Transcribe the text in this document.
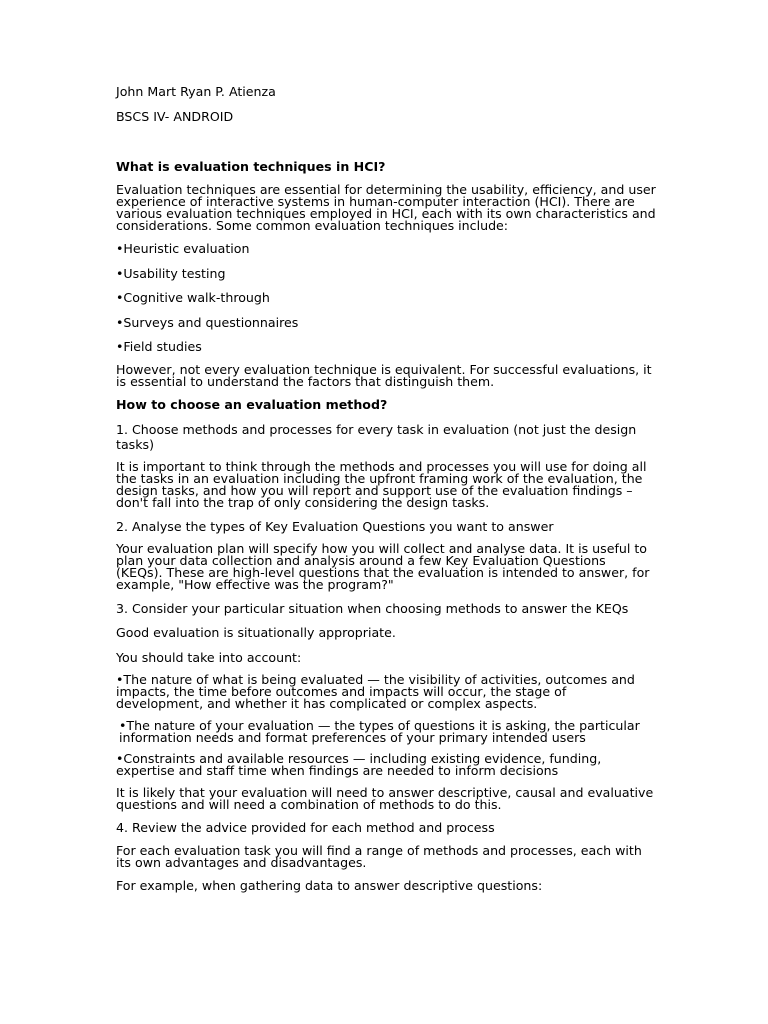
John Mart Ryan P. Atienza

BSCS IV- ANDROID

What is evaluation techniques in HCI?

Evaluation techniques are essential for determining the usability, efficiency, and user experience of interactive systems in human-computer interaction (HCI). There are various evaluation techniques employed in HCI, each with its own characteristics and considerations. Some common evaluation techniques include:

•Heuristic evaluation

•Usability testing

•Cognitive walk-through

•Surveys and questionnaires

•Field studies

However, not every evaluation technique is equivalent. For successful evaluations, it is essential to understand the factors that distinguish them.

How to choose an evaluation method?

1. Choose methods and processes for every task in evaluation (not just the design tasks)

It is important to think through the methods and processes you will use for doing all the tasks in an evaluation including the upfront framing work of the evaluation, the design tasks, and how you will report and support use of the evaluation findings – don't fall into the trap of only considering the design tasks.

2. Analyse the types of Key Evaluation Questions you want to answer

Your evaluation plan will specify how you will collect and analyse data. It is useful to plan your data collection and analysis around a few Key Evaluation Questions (KEQs). These are high-level questions that the evaluation is intended to answer, for example, "How effective was the program?"

3. Consider your particular situation when choosing methods to answer the KEQs

Good evaluation is situationally appropriate.

You should take into account:

•The nature of what is being evaluated — the visibility of activities, outcomes and impacts, the time before outcomes and impacts will occur, the stage of development, and whether it has complicated or complex aspects.

•The nature of your evaluation — the types of questions it is asking, the particular information needs and format preferences of your primary intended users

•Constraints and available resources — including existing evidence, funding, expertise and staff time when findings are needed to inform decisions

It is likely that your evaluation will need to answer descriptive, causal and evaluative questions and will need a combination of methods to do this.

4. Review the advice provided for each method and process

For each evaluation task you will find a range of methods and processes, each with its own advantages and disadvantages.

For example, when gathering data to answer descriptive questions:
